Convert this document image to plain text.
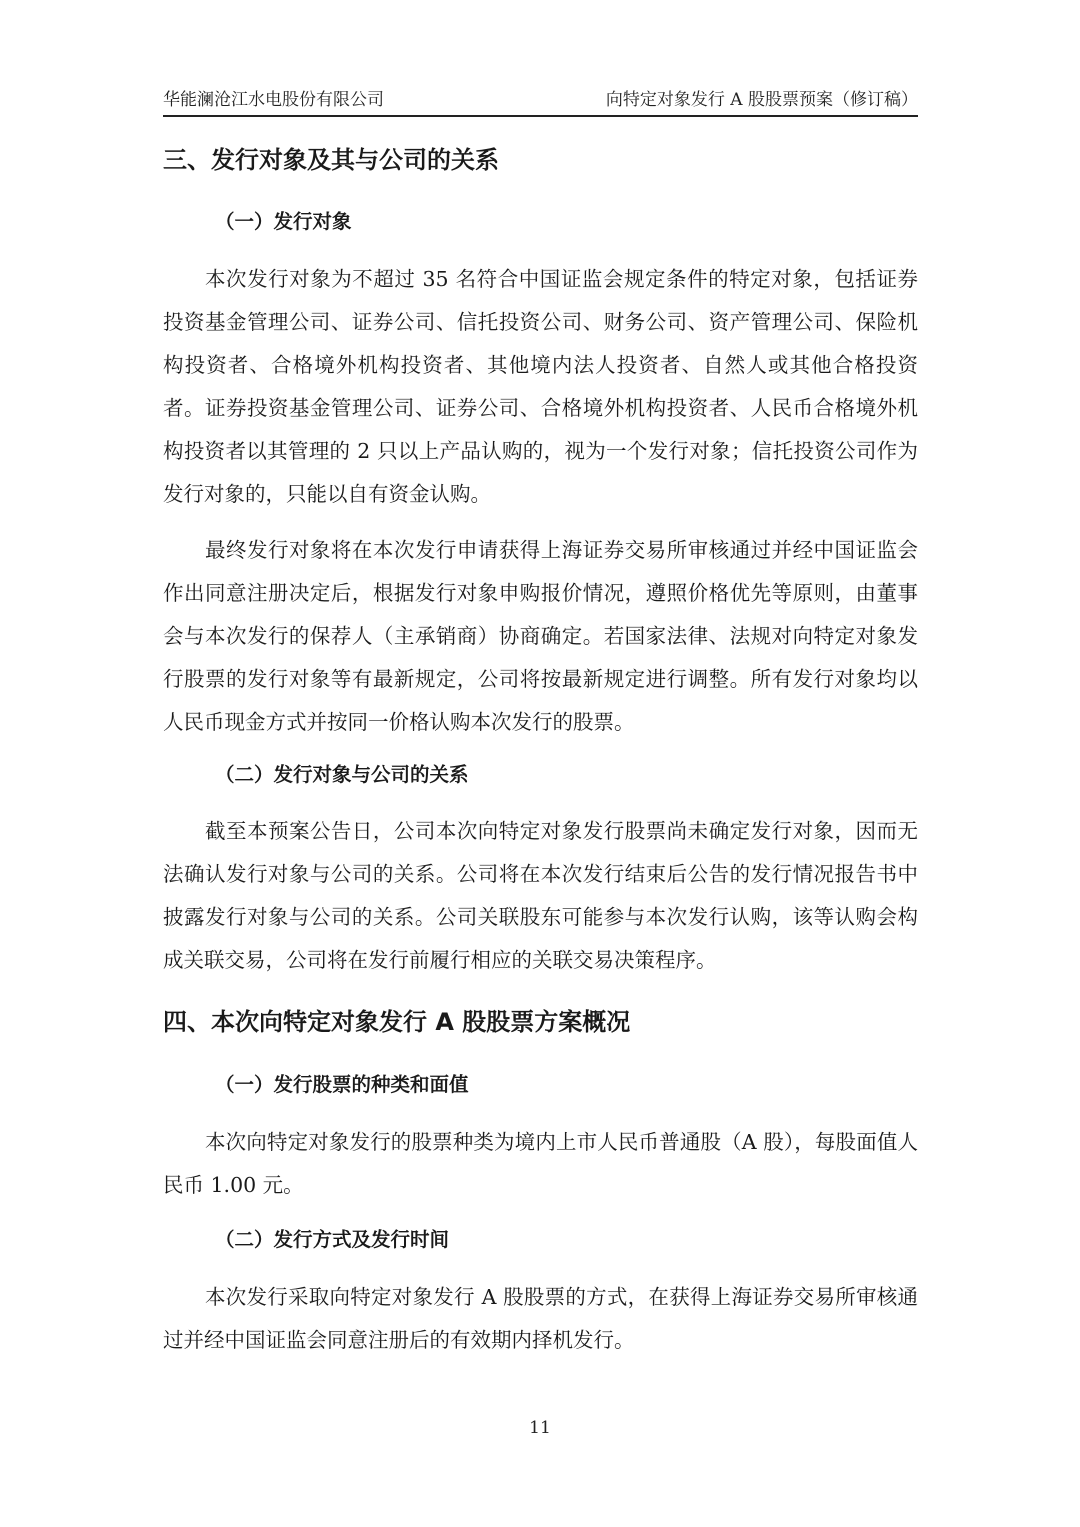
华能澜沧江水电股份有限公司	向特定对象发行 A 股股票预案（修订稿）
三、发行对象及其与公司的关系
（一）发行对象
本次发行对象为不超过 35 名符合中国证监会规定条件的特定对象，包括证券投资基金管理公司、证券公司、信托投资公司、财务公司、资产管理公司、保险机构投资者、合格境外机构投资者、其他境内法人投资者、自然人或其他合格投资者。证券投资基金管理公司、证券公司、合格境外机构投资者、人民币合格境外机构投资者以其管理的 2 只以上产品认购的，视为一个发行对象；信托投资公司作为发行对象的，只能以自有资金认购。
最终发行对象将在本次发行申请获得上海证券交易所审核通过并经中国证监会作出同意注册决定后，根据发行对象申购报价情况，遵照价格优先等原则，由董事会与本次发行的保荐人（主承销商）协商确定。若国家法律、法规对向特定对象发行股票的发行对象等有最新规定，公司将按最新规定进行调整。所有发行对象均以人民币现金方式并按同一价格认购本次发行的股票。
（二）发行对象与公司的关系
截至本预案公告日，公司本次向特定对象发行股票尚未确定发行对象，因而无法确认发行对象与公司的关系。公司将在本次发行结束后公告的发行情况报告书中披露发行对象与公司的关系。公司关联股东可能参与本次发行认购，该等认购会构成关联交易，公司将在发行前履行相应的关联交易决策程序。
四、本次向特定对象发行 A 股股票方案概况
（一）发行股票的种类和面值
本次向特定对象发行的股票种类为境内上市人民币普通股（A 股），每股面值人民币 1.00 元。
（二）发行方式及发行时间
本次发行采取向特定对象发行 A 股股票的方式，在获得上海证券交易所审核通过并经中国证监会同意注册后的有效期内择机发行。
11
